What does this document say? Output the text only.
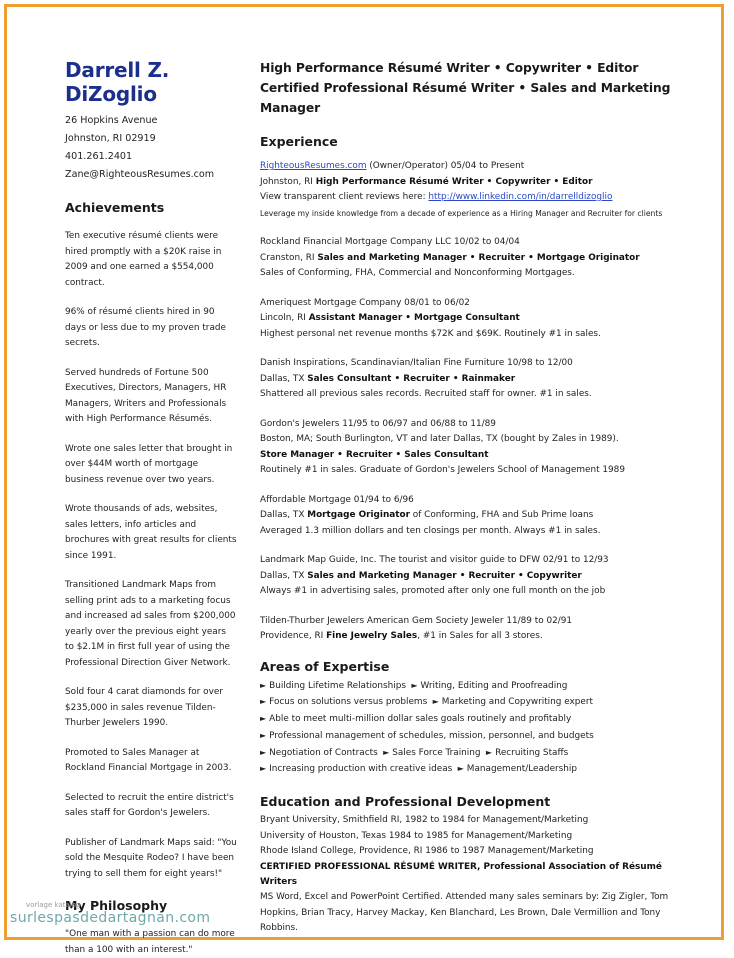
Darrell Z. DiZoglio
26 Hopkins Avenue
Johnston, RI 02919
401.261.2401
Zane@RighteousResumes.com
Achievements
Ten executive résumé clients were hired promptly with a $20K raise in 2009 and one earned a $554,000 contract.
96% of résumé clients hired in 90 days or less due to my proven trade secrets.
Served hundreds of Fortune 500 Executives, Directors, Managers, HR Managers, Writers and Professionals with High Performance Résumés.
Wrote one sales letter that brought in over $44M worth of mortgage business revenue over two years.
Wrote thousands of ads, websites, sales letters, info articles and brochures with great results for clients since 1991.
Transitioned Landmark Maps from selling print ads to a marketing focus and increased ad sales from $200,000 yearly over the previous eight years to $2.1M in first full year of using the Professional Direction Giver Network.
Sold four 4 carat diamonds for over $235,000 in sales revenue Tilden-Thurber Jewelers 1990.
Promoted to Sales Manager at Rockland Financial Mortgage in 2003.
Selected to recruit the entire district's sales staff for Gordon's Jewelers.
Publisher of Landmark Maps said: "You sold the Mesquite Rodeo? I have been trying to sell them for eight years!"
My Philosophy
"One man with a passion can do more than a 100 with an interest."
High Performance Résumé Writer • Copywriter • Editor
Certified Professional Résumé Writer • Sales and Marketing Manager
Experience
RighteousResumes.com (Owner/Operator) 05/04 to Present
Johnston, RI High Performance Résumé Writer • Copywriter • Editor
View transparent client reviews here: http://www.linkedin.com/in/darrelldizoglio
Leverage my inside knowledge from a decade of experience as a Hiring Manager and Recruiter for clients
Rockland Financial Mortgage Company LLC 10/02 to 04/04
Cranston, RI Sales and Marketing Manager • Recruiter • Mortgage Originator
Sales of Conforming, FHA, Commercial and Nonconforming Mortgages.
Ameriquest Mortgage Company 08/01 to 06/02
Lincoln, RI Assistant Manager • Mortgage Consultant
Highest personal net revenue months $72K and $69K. Routinely #1 in sales.
Danish Inspirations, Scandinavian/Italian Fine Furniture 10/98 to 12/00
Dallas, TX Sales Consultant • Recruiter • Rainmaker
Shattered all previous sales records. Recruited staff for owner. #1 in sales.
Gordon's Jewelers 11/95 to 06/97 and 06/88 to 11/89
Boston, MA; South Burlington, VT and later Dallas, TX (bought by Zales in 1989).
Store Manager • Recruiter • Sales Consultant
Routinely #1 in sales. Graduate of Gordon's Jewelers School of Management 1989
Affordable Mortgage 01/94 to 6/96
Dallas, TX Mortgage Originator of Conforming, FHA and Sub Prime loans
Averaged 1.3 million dollars and ten closings per month. Always #1 in sales.
Landmark Map Guide, Inc. The tourist and visitor guide to DFW 02/91 to 12/93
Dallas, TX Sales and Marketing Manager • Recruiter • Copywriter
Always #1 in advertising sales, promoted after only one full month on the job
Tilden-Thurber Jewelers American Gem Society Jeweler 11/89 to 02/91
Providence, RI Fine Jewelry Sales, #1 in Sales for all 3 stores.
Areas of Expertise
► Building Lifetime Relationships  ► Writing, Editing and Proofreading
► Focus on solutions versus problems  ► Marketing and Copywriting expert
► Able to meet multi-million dollar sales goals routinely and profitably
► Professional management of schedules, mission, personnel, and budgets
► Negotiation of Contracts  ► Sales Force Training  ► Recruiting Staffs
► Increasing production with creative ideas  ► Management/Leadership
Education and Professional Development
Bryant University, Smithfield RI, 1982 to 1984 for Management/Marketing
University of Houston, Texas 1984 to 1985 for Management/Marketing
Rhode Island College, Providence, RI 1986 to 1987 Management/Marketing
CERTIFIED PROFESSIONAL RÉSUMÉ WRITER, Professional Association of Résumé Writers
MS Word, Excel and PowerPoint Certified. Attended many sales seminars by: Zig Zigler, Tom Hopkins, Brian Tracy, Harvey Mackay, Ken Blanchard, Les Brown, Dale Vermillion and Tony Robbins.
vorlage katalog
surlespasdedartagnan.com
